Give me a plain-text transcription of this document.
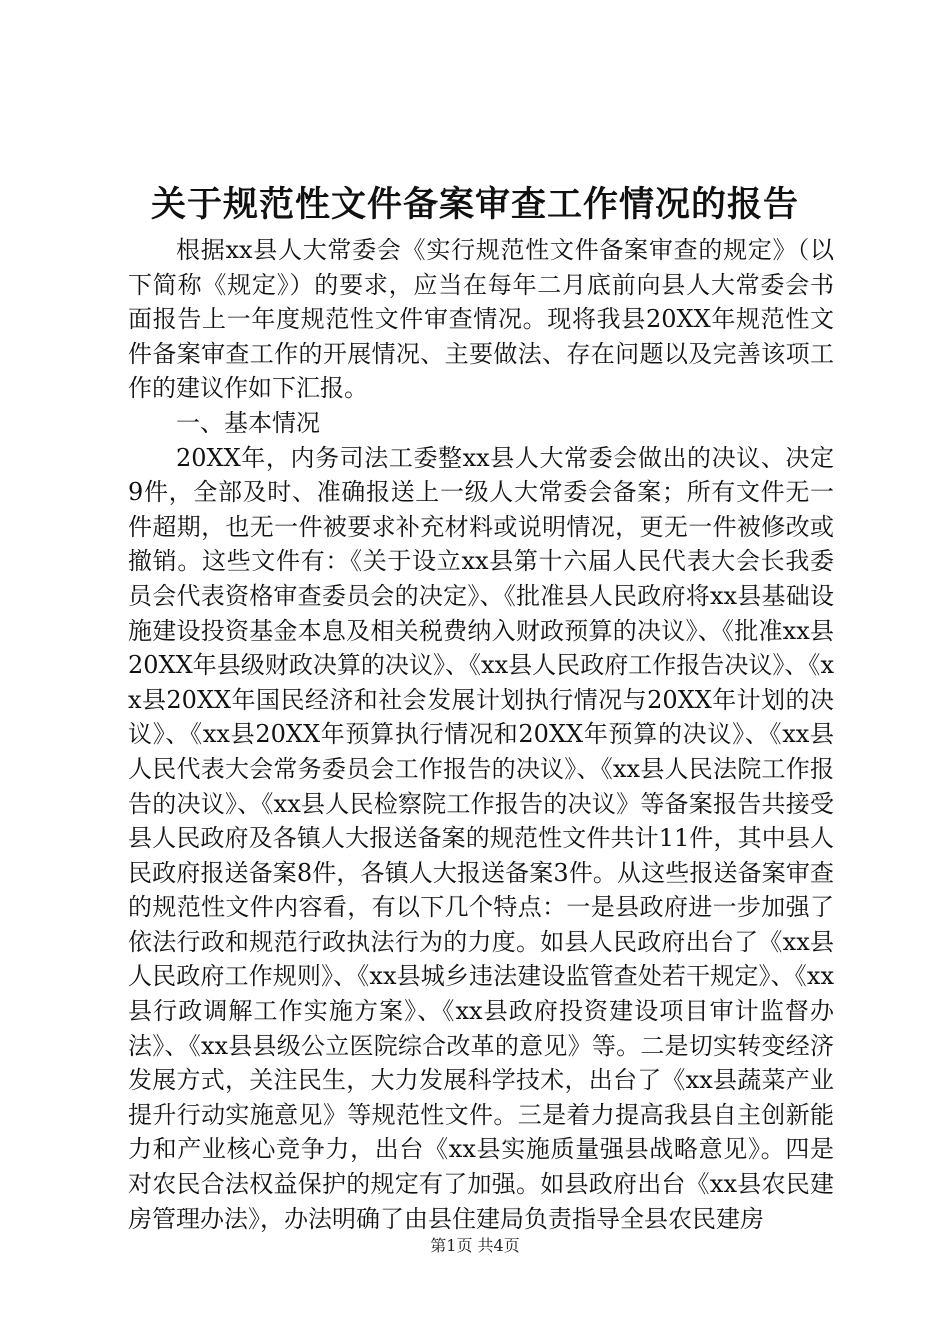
关于规范性文件备案审查工作情况的报告

根据xx县人大常委会《实行规范性文件备案审查的规定》（以下简称《规定》）的要求，应当在每年二月底前向县人大常委会书面报告上一年度规范性文件审查情况。现将我县20XX年规范性文件备案审查工作的开展情况、主要做法、存在问题以及完善该项工作的建议作如下汇报。

一、基本情况

20XX年，内务司法工委整xx县人大常委会做出的决议、决定9件，全部及时、准确报送上一级人大常委会备案；所有文件无一件超期，也无一件被要求补充材料或说明情况，更无一件被修改或撤销。这些文件有：《关于设立xx县第十六届人民代表大会长我委员会代表资格审查委员会的决定》、《批准县人民政府将xx县基础设施建设投资基金本息及相关税费纳入财政预算的决议》、《批准xx县20XX年县级财政决算的决议》、《xx县人民政府工作报告决议》、《xx县20XX年国民经济和社会发展计划执行情况与20XX年计划的决议》、《xx县20XX年预算执行情况和20XX年预算的决议》、《xx县人民代表大会常务委员会工作报告的决议》、《xx县人民法院工作报告的决议》、《xx县人民检察院工作报告的决议》等备案报告共接受县人民政府及各镇人大报送备案的规范性文件共计11件，其中县人民政府报送备案8件，各镇人大报送备案3件。从这些报送备案审查的规范性文件内容看，有以下几个特点：一是县政府进一步加强了依法行政和规范行政执法行为的力度。如县人民政府出台了《xx县人民政府工作规则》、《xx县城乡违法建设监管查处若干规定》、《xx县行政调解工作实施方案》、《xx县政府投资建设项目审计监督办法》、《xx县县级公立医院综合改革的意见》等。二是切实转变经济发展方式，关注民生，大力发展科学技术，出台了《xx县蔬菜产业提升行动实施意见》等规范性文件。三是着力提高我县自主创新能力和产业核心竞争力，出台《xx县实施质量强县战略意见》。四是对农民合法权益保护的规定有了加强。如县政府出台《xx县农民建房管理办法》，办法明确了由县住建局负责指导全县农民建房

第1页 共4页
